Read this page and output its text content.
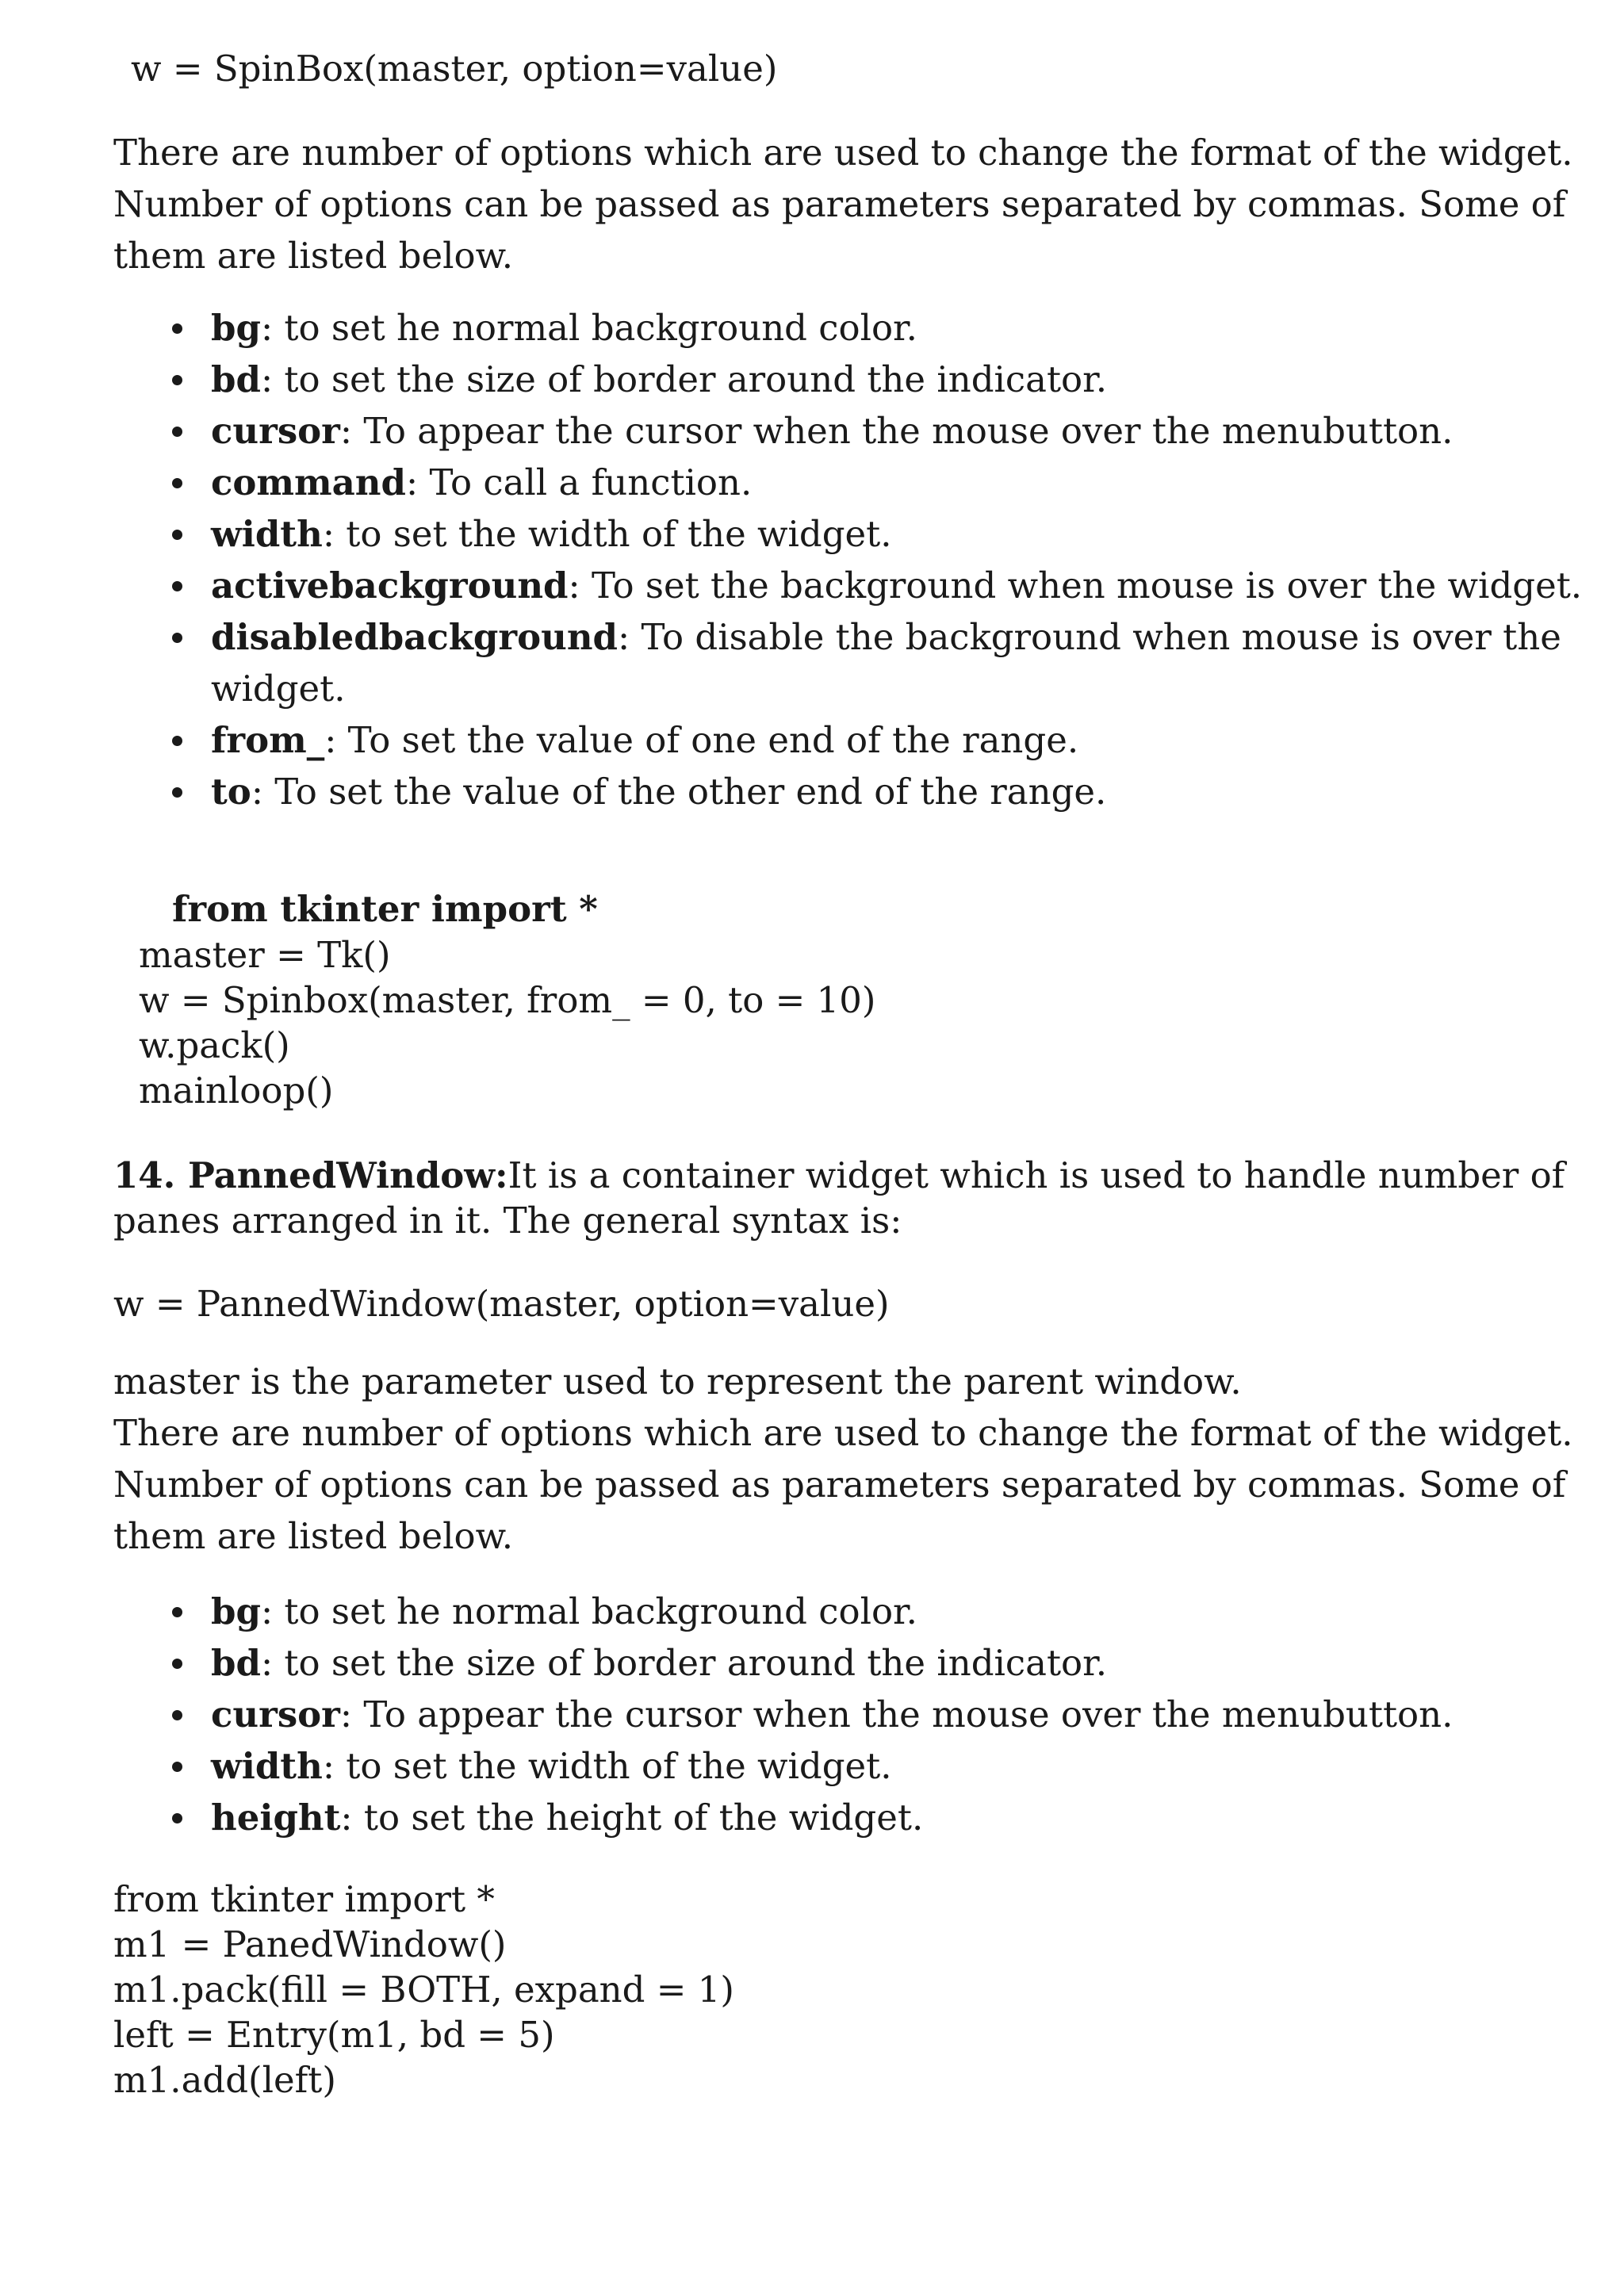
w = SpinBox(master, option=value)
There are number of options which are used to change the format of the widget.
Number of options can be passed as parameters separated by commas. Some of
them are listed below.
bg: to set he normal background color.
bd: to set the size of border around the indicator.
cursor: To appear the cursor when the mouse over the menubutton.
command: To call a function.
width: to set the width of the widget.
activebackground: To set the background when mouse is over the widget.
disabledbackground: To disable the background when mouse is over the
widget.
from_: To set the value of one end of the range.
to: To set the value of the other end of the range.
from tkinter import *
master = Tk()
w = Spinbox(master, from_ = 0, to = 10)
w.pack()
mainloop()
14. PannedWindow:It is a container widget which is used to handle number of
panes arranged in it. The general syntax is:
w = PannedWindow(master, option=value)
master is the parameter used to represent the parent window.
There are number of options which are used to change the format of the widget.
Number of options can be passed as parameters separated by commas. Some of
them are listed below.
bg: to set he normal background color.
bd: to set the size of border around the indicator.
cursor: To appear the cursor when the mouse over the menubutton.
width: to set the width of the widget.
height: to set the height of the widget.
from tkinter import *
m1 = PanedWindow()
m1.pack(fill = BOTH, expand = 1)
left = Entry(m1, bd = 5)
m1.add(left)
